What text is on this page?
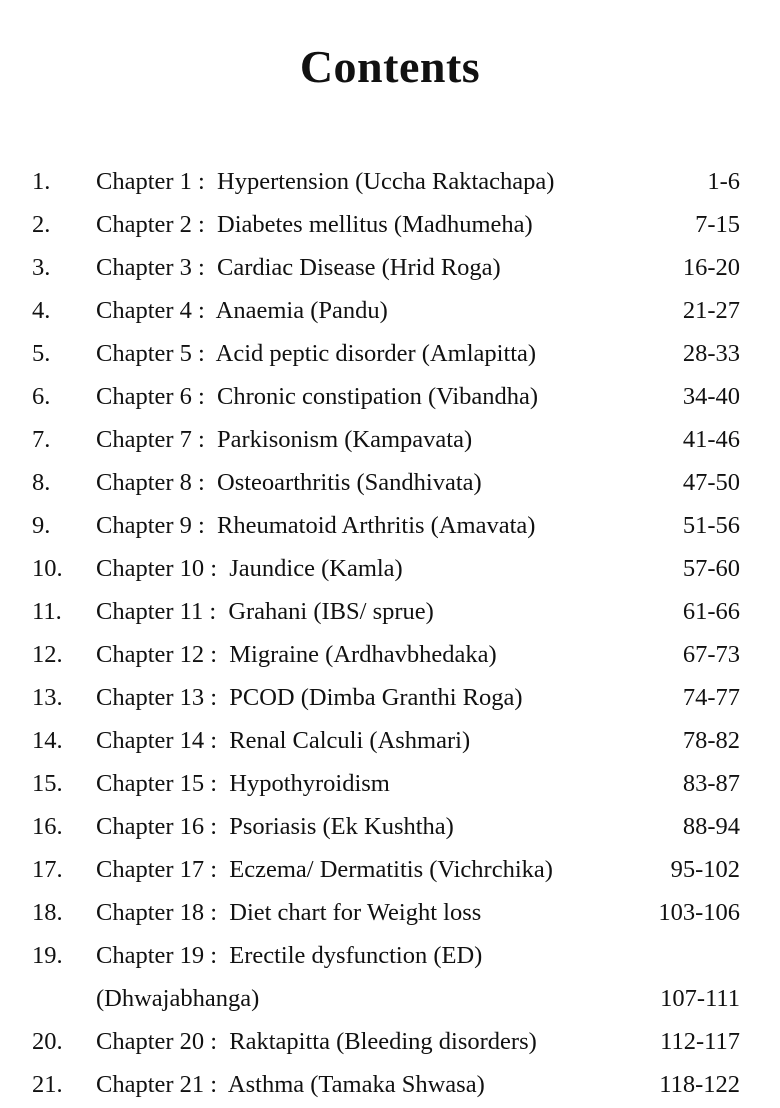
Contents
1. Chapter 1 : Hypertension (Uccha Raktachapa)	1-6
2. Chapter 2 : Diabetes mellitus (Madhumeha)	7-15
3. Chapter 3 : Cardiac Disease (Hrid Roga)	16-20
4. Chapter 4 : Anaemia (Pandu)	21-27
5. Chapter 5 : Acid peptic disorder (Amlapitta)	28-33
6. Chapter 6 : Chronic constipation (Vibandha)	34-40
7. Chapter 7 : Parkisonism (Kampavata)	41-46
8. Chapter 8 : Osteoarthritis (Sandhivata)	47-50
9. Chapter 9 : Rheumatoid Arthritis (Amavata)	51-56
10. Chapter 10 : Jaundice (Kamla)	57-60
11. Chapter 11 : Grahani (IBS/ sprue)	61-66
12. Chapter 12 : Migraine (Ardhavbhedaka)	67-73
13. Chapter 13 : PCOD (Dimba Granthi Roga)	74-77
14. Chapter 14 : Renal Calculi (Ashmari)	78-82
15. Chapter 15 : Hypothyroidism	83-87
16. Chapter 16 : Psoriasis (Ek Kushtha)	88-94
17. Chapter 17 : Eczema/ Dermatitis (Vichrchika)	95-102
18. Chapter 18 : Diet chart for Weight loss	103-106
19. Chapter 19 : Erectile dysfunction (ED)
(Dhwajabhanga)	107-111
20. Chapter 20 : Raktapitta (Bleeding disorders)	112-117
21. Chapter 21 : Asthma (Tamaka Shwasa)	118-122
